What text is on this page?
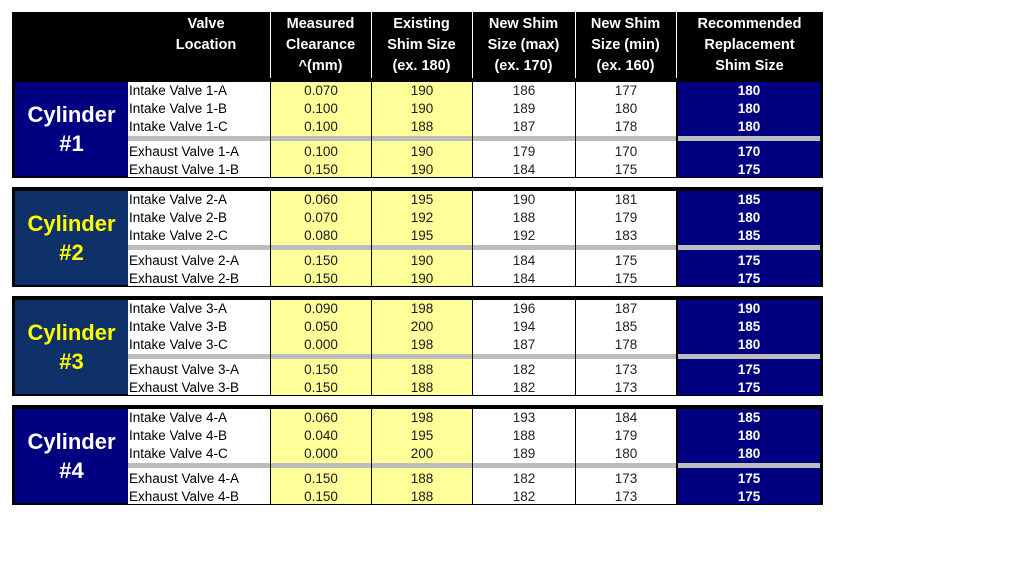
Valve
Location
Measured
Clearance
^(mm)
Existing
Shim Size
(ex. 180)
New Shim
Size (max)
(ex. 170)
New Shim
Size (min)
(ex. 160)
Recommended
Replacement
Shim Size
Cylinder
#1
Intake Valve 1-A
Intake Valve 1-B
Intake Valve 1-C
Exhaust Valve 1-A
Exhaust Valve 1-B
0.070
0.100
0.100
0.100
0.150
190
190
188
190
190
186
189
187
179
184
177
180
178
170
175
180
180
180
170
175
Cylinder
#2
Intake Valve 2-A
Intake Valve 2-B
Intake Valve 2-C
Exhaust Valve 2-A
Exhaust Valve 2-B
0.060
0.070
0.080
0.150
0.150
195
192
195
190
190
190
188
192
184
184
181
179
183
175
175
185
180
185
175
175
Cylinder
#3
Intake Valve 3-A
Intake Valve 3-B
Intake Valve 3-C
Exhaust Valve 3-A
Exhaust Valve 3-B
0.090
0.050
0.000
0.150
0.150
198
200
198
188
188
196
194
187
182
182
187
185
178
173
173
190
185
180
175
175
Cylinder
#4
Intake Valve 4-A
Intake Valve 4-B
Intake Valve 4-C
Exhaust Valve 4-A
Exhaust Valve 4-B
0.060
0.040
0.000
0.150
0.150
198
195
200
188
188
193
188
189
182
182
184
179
180
173
173
185
180
180
175
175
